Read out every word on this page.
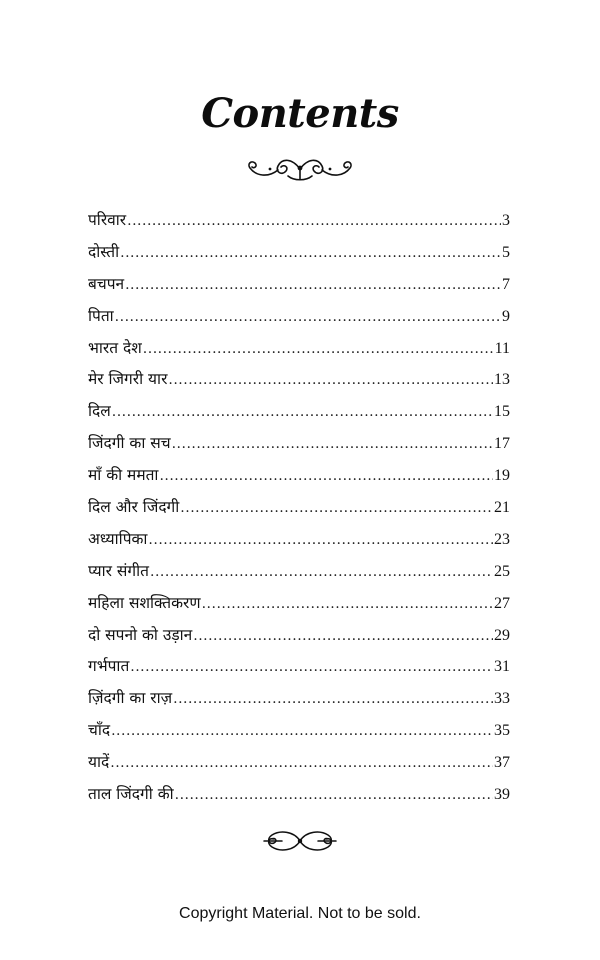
Contents
परिवार .....	3
दोस्ती .....	5
बचपन .....	7
पिता .....	9
भारत देश .....	11
मेर जिगरी यार .....	13
दिल .....	15
जिंदगी का सच .....	17
माँ की ममता .....	19
दिल और जिंदगी .....	21
अध्यापिका .....	23
प्यार संगीत .....	25
महिला सशक्तिकरण .....	27
दो सपनो को उड़ान .....	29
गर्भपात .....	31
ज़िंदगी का राज़ .....	33
चाँद .....	35
यादें .....	37
ताल जिंदगी की .....	39
Copyright Material. Not to be sold.
